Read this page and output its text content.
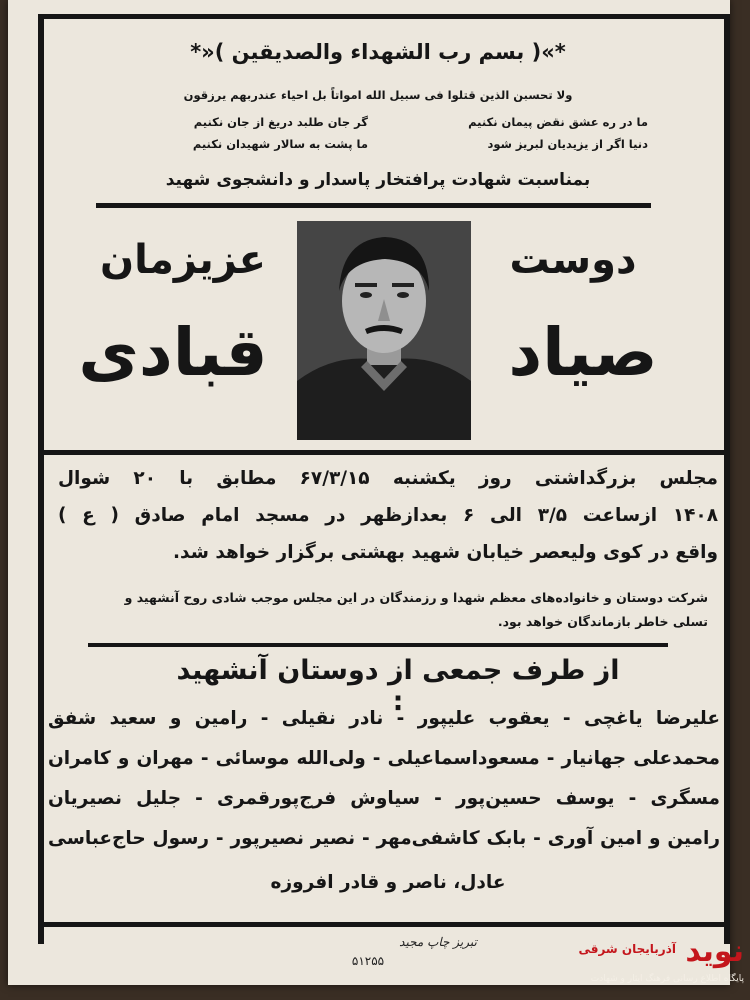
*»( بسم رب الشهداء والصديقين )«*
ولا تحسبن الذين قتلوا فی سبیل الله امواتاً بل احیاء عندربهم یرزقون
ما در ره عشق نقض پیمان نکنیم
گر جان طلبد دریغ از جان نکنیم
دنیا اگر از یزیدیان لبریز شود
ما پشت به سالار شهیدان نکنیم
بمناسبت شهادت پرافتخار پاسدار و دانشجوی شهید
دوست
عزیزمان
صیاد
قبادی
مجلس بزرگداشتی روز یکشنبه ۶۷/۳/۱۵ مطابق با ۲۰ شوال
۱۴۰۸ ازساعت ۳/۵ الی ۶ بعدازظهر در مسجد امام صادق ( ع )
واقع در کوی ولیعصر خیابان شهید بهشتی برگزار خواهد شد.
شرکت دوستان و خانواده‌های معظم شهدا و رزمندگان در این مجلس موجب شادی روح آنشهید و
تسلی خاطر بازماندگان خواهد بود.
از طرف جمعی از دوستان آنشهید :
علیرضا یاغچی - یعقوب علیپور - نادر نقیلی - رامین و سعید شفق
محمدعلی جهانیار - مسعوداسماعیلی - ولی‌الله موسائی - مهران و کامران
مسگری - یوسف حسین‌پور - سیاوش فرج‌پورقمری - جلیل نصیریان
رامین و امین آوری - بابک کاشفی‌مهر - نصیر نصیرپور - رسول حاج‌عباسی
عادل، ناصر و قادر افروزه
تبریز چاپ مجید
۵۱۲۵۵	نوید
آذربایجان شرقی
پایگاه اطلاع رسانی فرهنگ ایثار و شهادت
